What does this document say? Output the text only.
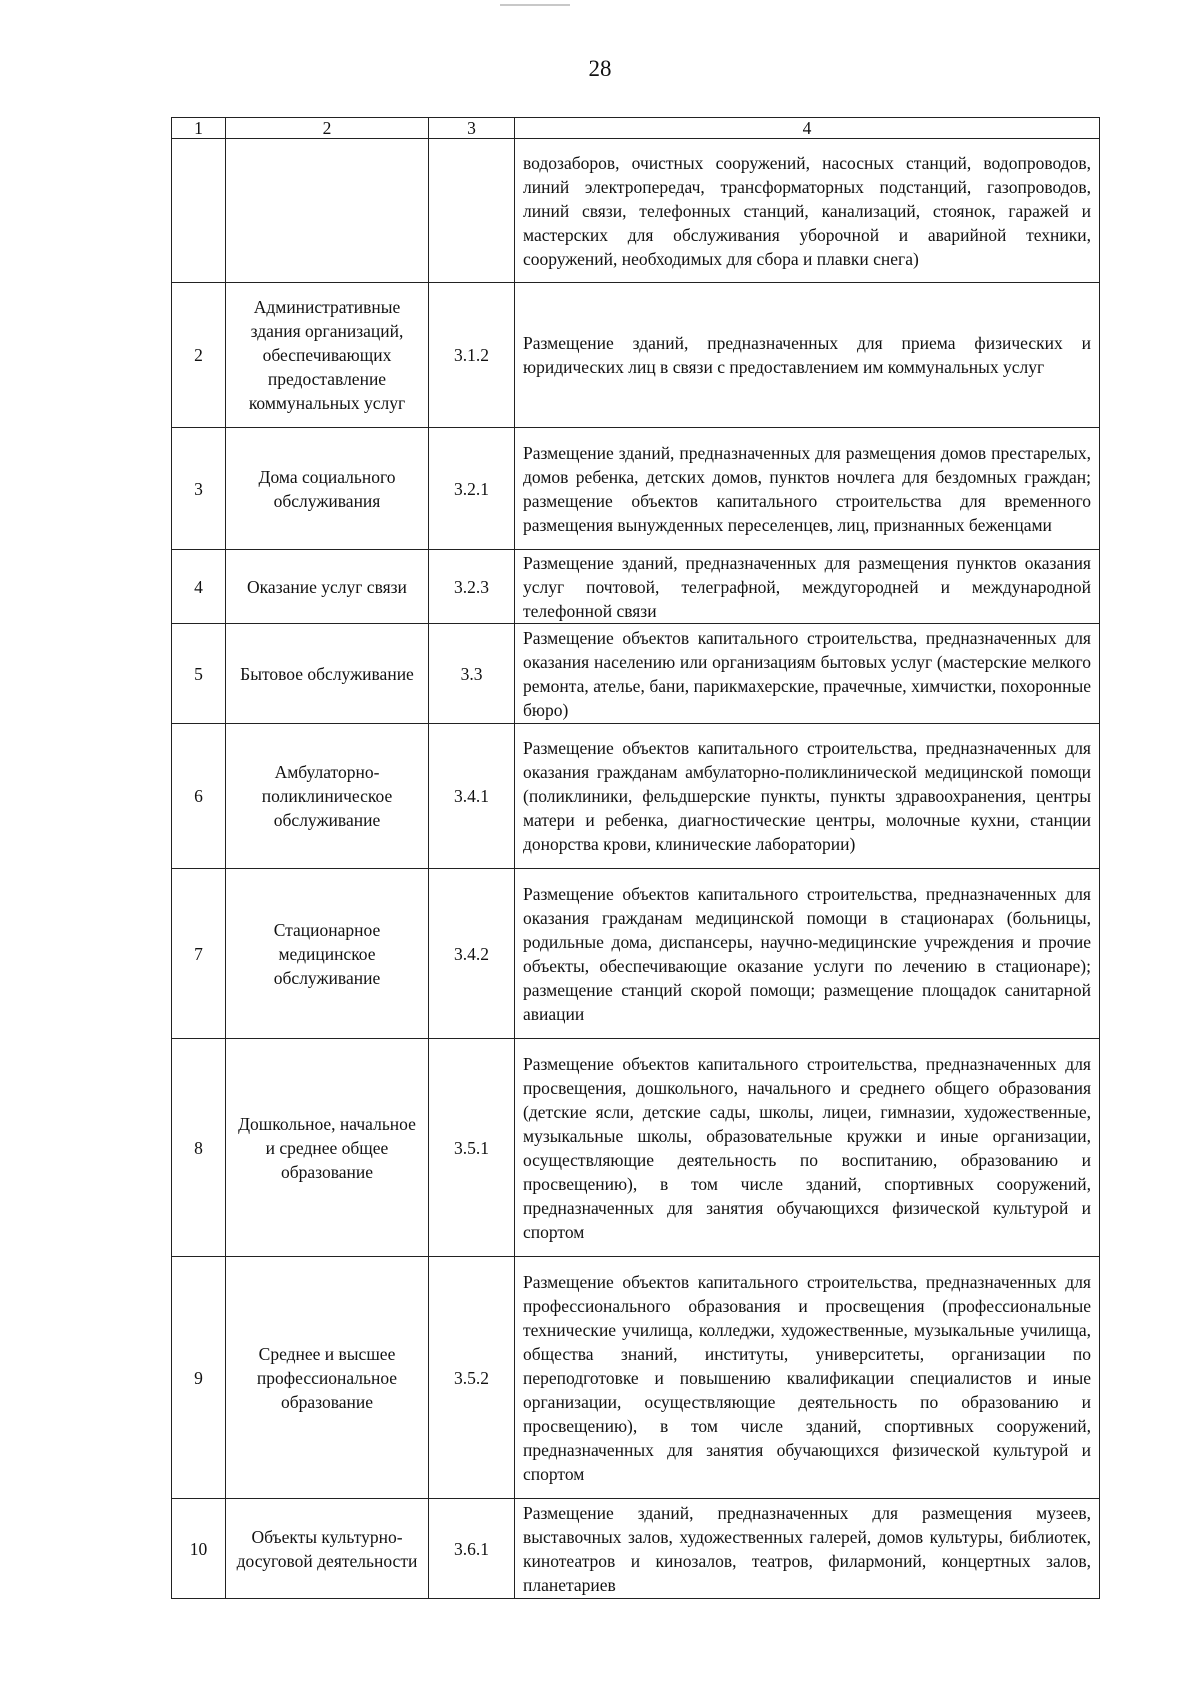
28
1	2	3	4
			водозаборов, очистных сооружений, насосных станций, водопроводов, линий электропередач, трансформаторных подстанций, газопроводов, линий связи, телефонных станций, канализаций, стоянок, гаражей и мастерских для обслуживания уборочной и аварийной техники, сооружений, необходимых для сбора и плавки снега)
2	Административные здания организаций, обеспечивающих предоставление коммунальных услуг	3.1.2	Размещение зданий, предназначенных для приема физических и юридических лиц в связи с предоставлением им коммунальных услуг
3	Дома социального обслуживания	3.2.1	Размещение зданий, предназначенных для размещения домов престарелых, домов ребенка, детских домов, пунктов ночлега для бездомных граждан; размещение объектов капитального строительства для временного размещения вынужденных переселенцев, лиц, признанных беженцами
4	Оказание услуг связи	3.2.3	Размещение зданий, предназначенных для размещения пунктов оказания услуг почтовой, телеграфной, междугородней и международной телефонной связи
5	Бытовое обслуживание	3.3	Размещение объектов капитального строительства, предназначенных для оказания населению или организациям бытовых услуг (мастерские мелкого ремонта, ателье, бани, парикмахерские, прачечные, химчистки, похоронные бюро)
6	Амбулаторно-поликлиническое обслуживание	3.4.1	Размещение объектов капитального строительства, предназначенных для оказания гражданам амбулаторно-поликлинической медицинской помощи (поликлиники, фельдшерские пункты, пункты здравоохранения, центры матери и ребенка, диагностические центры, молочные кухни, станции донорства крови, клинические лаборатории)
7	Стационарное медицинское обслуживание	3.4.2	Размещение объектов капитального строительства, предназначенных для оказания гражданам медицинской помощи в стационарах (больницы, родильные дома, диспансеры, научно-медицинские учреждения и прочие объекты, обеспечивающие оказание услуги по лечению в стационаре); размещение станций скорой помощи; размещение площадок санитарной авиации
8	Дошкольное, начальное и среднее общее образование	3.5.1	Размещение объектов капитального строительства, предназначенных для просвещения, дошкольного, начального и среднего общего образования (детские ясли, детские сады, школы, лицеи, гимназии, художественные, музыкальные школы, образовательные кружки и иные организации, осуществляющие деятельность по воспитанию, образованию и просвещению), в том числе зданий, спортивных сооружений, предназначенных для занятия обучающихся физической культурой и спортом
9	Среднее и высшее профессиональное образование	3.5.2	Размещение объектов капитального строительства, предназначенных для профессионального образования и просвещения (профессиональные технические училища, колледжи, художественные, музыкальные училища, общества знаний, институты, университеты, организации по переподготовке и повышению квалификации специалистов и иные организации, осуществляющие деятельность по образованию и просвещению), в том числе зданий, спортивных сооружений, предназначенных для занятия обучающихся физической культурой и спортом
10	Объекты культурно-досуговой деятельности	3.6.1	Размещение зданий, предназначенных для размещения музеев, выставочных залов, художественных галерей, домов культуры, библиотек, кинотеатров и кинозалов, театров, филармоний, концертных залов, планетариев
